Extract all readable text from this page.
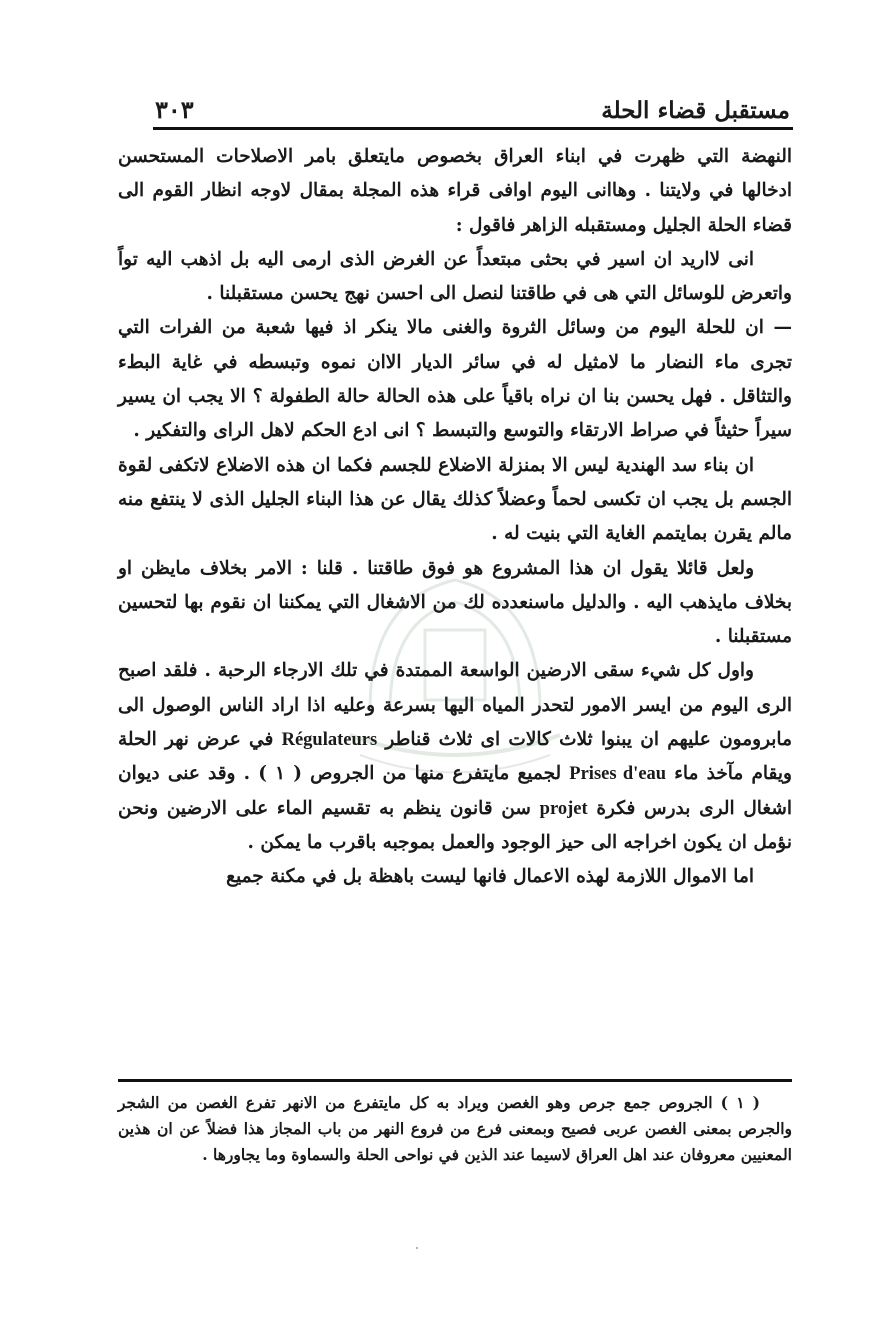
مستقبل قضاء الحلة
٣٠٣

النهضة التي ظهرت في ابناء العراق بخصوص مايتعلق بامر الاصلاحات المستحسن ادخالها في ولايتنا . وهاانى اليوم اوافى قراء هذه المجلة بمقال لاوجه انظار القوم الى قضاء الحلة الجليل ومستقبله الزاهر فاقول :

انى لااريد ان اسير في بحثى مبتعداً عن الغرض الذى ارمى اليه بل اذهب اليه تواً واتعرض للوسائل التي هى في طاقتنا لنصل الى احسن نهج يحسن مستقبلنا .

— ان للحلة اليوم من وسائل الثروة والغنى مالا ينكر اذ فيها شعبة من الفرات التي تجرى ماء النضار ما لامثيل له في سائر الديار الاان نموه وتبسطه في غاية البطء والتثاقل . فهل يحسن بنا ان نراه باقياً على هذه الحالة حالة الطفولة ؟ الا يجب ان يسير سيراً حثيثاً في صراط الارتقاء والتوسع والتبسط ؟ انى ادع الحكم لاهل الراى والتفكير .

ان بناء سد الهندية ليس الا بمنزلة الاضلاع للجسم فكما ان هذه الاضلاع لاتكفى لقوة الجسم بل يجب ان تكسى لحماً وعضلاً كذلك يقال عن هذا البناء الجليل الذى لا ينتفع منه مالم يقرن بمايتمم الغاية التي بنيت له .

ولعل قائلا يقول ان هذا المشروع هو فوق طاقتنا . قلنا : الامر بخلاف مايظن او بخلاف مايذهب اليه . والدليل ماسنعدده لك من الاشغال التي يمكننا ان نقوم بها لتحسين مستقبلنا .

واول كل شيء سقى الارضين الواسعة الممتدة في تلك الارجاء الرحبة . فلقد اصبح الرى اليوم من ايسر الامور لتحدر المياه اليها بسرعة وعليه اذا اراد الناس الوصول الى مابرومون عليهم ان يبنوا ثلاث كالات اى ثلاث قناطر Régulateurs في عرض نهر الحلة ويقام مآخذ ماء Prises d'eau لجميع مايتفرع منها من الجروص ( ١ ) . وقد عنى ديوان اشغال الرى بدرس فكرة projet سن قانون ينظم به تقسيم الماء على الارضين ونحن نؤمل ان يكون اخراجه الى حيز الوجود والعمل بموجبه باقرب ما يمكن .

اما الاموال اللازمة لهذه الاعمال فانها ليست باهظة بل في مكنة جميع

( ١ ) الجروص جمع جرص وهو الغصن ويراد به كل مايتفرع من الانهر تفرع الغصن من الشجر والجرص بمعنى الغصن عربى فصيح وبمعنى فرع من فروع النهر من باب المجاز هذا فضلاً عن ان هذين المعنيين معروفان عند اهل العراق لاسيما عند الذين في نواحى الحلة والسماوة وما يجاورها .
